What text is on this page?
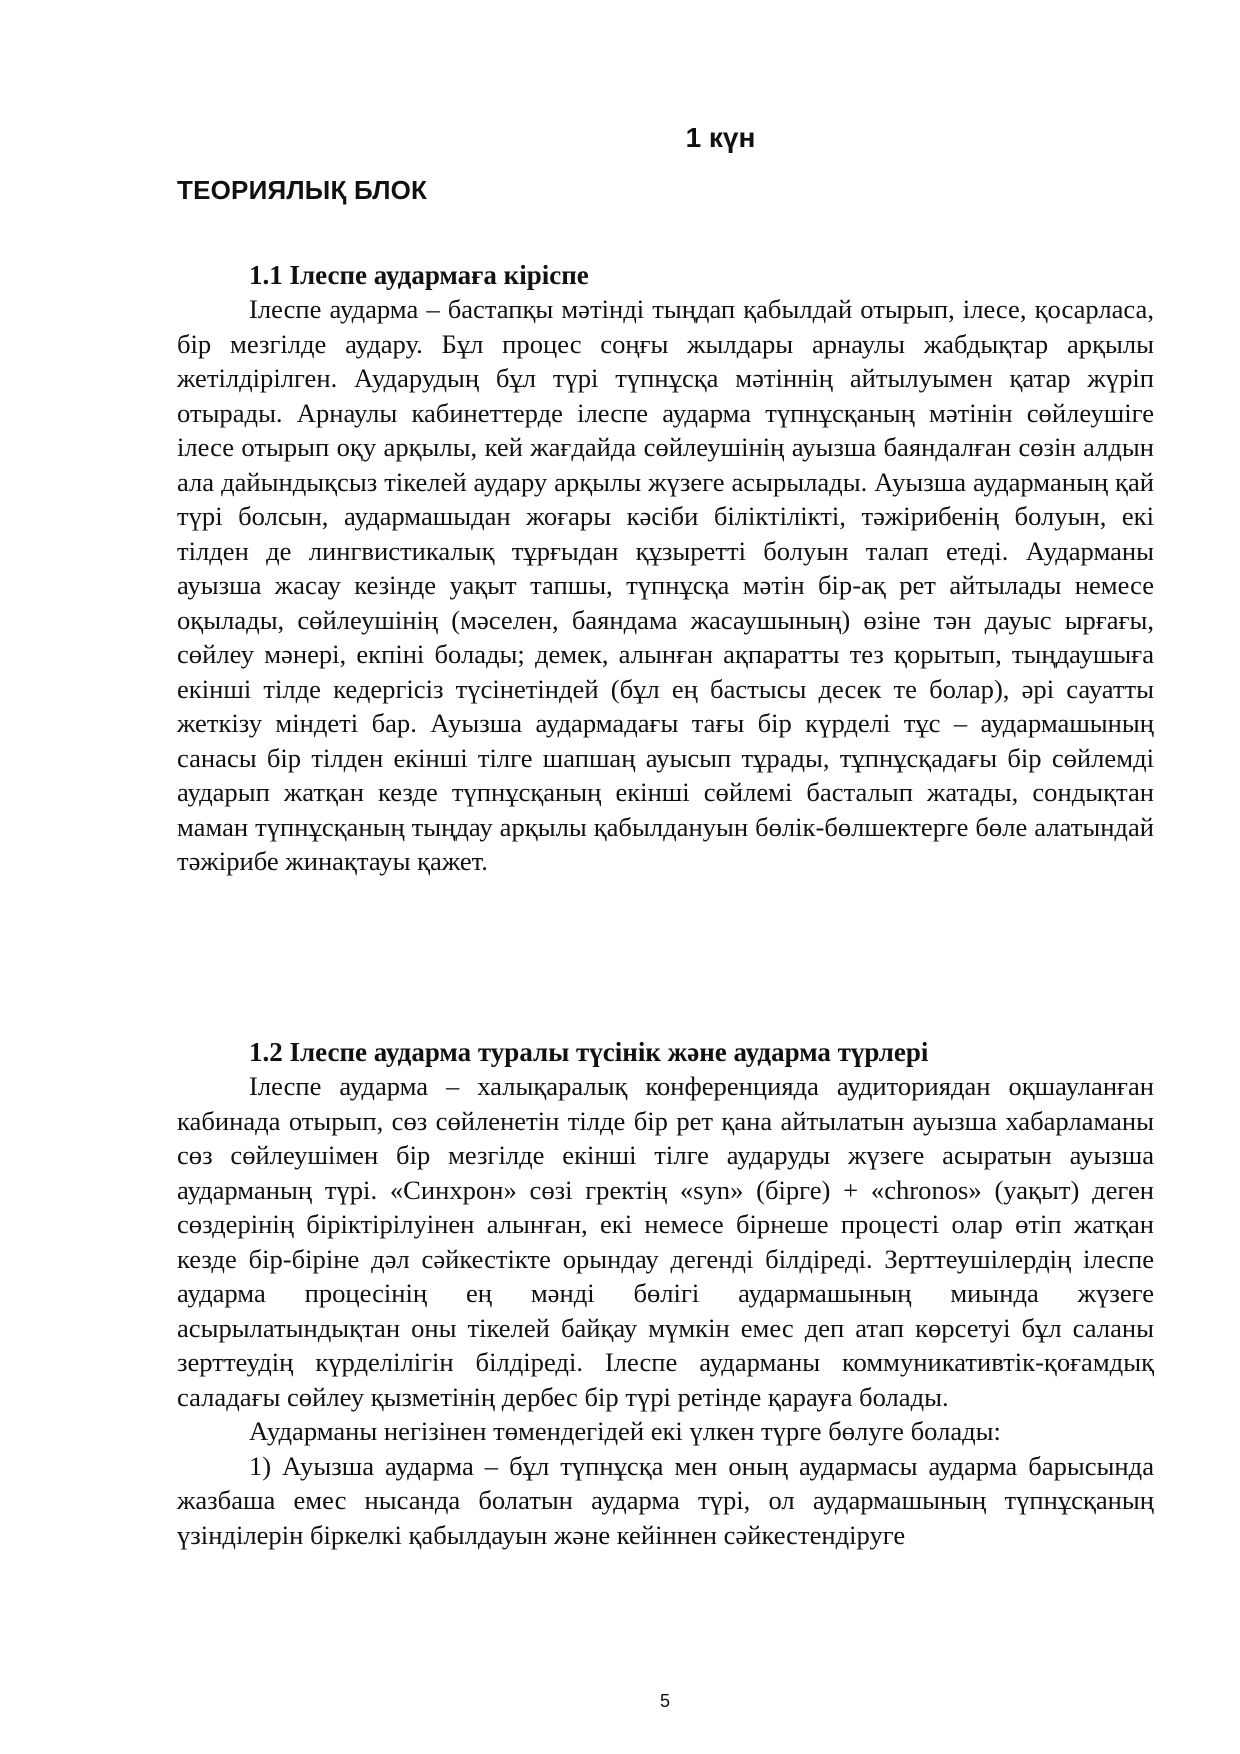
1 күн
ТЕОРИЯЛЫҚ БЛОК

1.1 Ілеспе аудармаға кіріспе

Ілеспе аударма – бастапқы мәтінді тыңдап қабылдай отырып, ілесе, қосарласа, бір мезгілде аудару. Бұл процес соңғы жылдары арнаулы жабдықтар арқылы жетілдірілген. Аударудың бұл түрі түпнұсқа мәтіннің айтылуымен қатар жүріп отырады. Арнаулы кабинеттерде ілеспе аударма түпнұсқаның мәтінін сөйлеушіге ілесе отырып оқу арқылы, кей жағдайда сөйлеушінің ауызша баяндалған сөзін алдын ала дайындықсыз тікелей аудару арқылы жүзеге асырылады. Ауызша аударманың қай түрі болсын, аудармашыдан жоғары кәсіби біліктілікті, тәжірибенің болуын, екі тілден де лингвистикалық тұрғыдан құзыретті болуын талап етеді. Аударманы ауызша жасау кезінде уақыт тапшы, түпнұсқа мәтін бір-ақ рет айтылады немесе оқылады, сөйлеушінің (мәселен, баяндама жасаушының) өзіне тән дауыс ырғағы, сөйлеу мәнері, екпіні болады; демек, алынған ақпаратты тез қорытып, тыңдаушыға екінші тілде кедергісіз түсінетіндей (бұл ең бастысы десек те болар), әрі сауатты жеткізу міндеті бар. Ауызша аудармадағы тағы бір күрделі тұс – аудармашының санасы бір тілден екінші тілге шапшаң ауысып тұрады, тұпнұсқадағы бір сөйлемді аударып жатқан кезде түпнұсқаның екінші сөйлемі басталып жатады, сондықтан маман түпнұсқаның тыңдау арқылы қабылдануын бөлік-бөлшектерге бөле алатындай тәжірибе жинақтауы қажет.

1.2 Ілеспе аударма туралы түсінік және аударма түрлері

Ілеспе аударма – халықаралық конференцияда аудиториядан оқшауланған кабинада отырып, сөз сөйленетін тілде бір рет қана айтылатын ауызша хабарламаны сөз сөйлеушімен бір мезгілде екінші тілге аударуды жүзеге асыратын ауызша аударманың түрі. «Синхрон» сөзі гректің «syn» (бірге) + «chronos» (уақыт) деген сөздерінің біріктірілуінен алынған, екі немесе бірнеше процесті олар өтіп жатқан кезде бір-біріне дәл сәйкестікте орындау дегенді білдіреді. Зерттеушілердің ілеспе аударма процесінің ең мәнді бөлігі аудармашының миында жүзеге асырылатындықтан оны тікелей байқау мүмкін емес деп атап көрсетуі бұл саланы зерттеудің күрделілігін білдіреді. Ілеспе аударманы коммуникативтік-қоғамдық саладағы сөйлеу қызметінің дербес бір түрі ретінде қарауға болады.

Аударманы негізінен төмендегідей екі үлкен түрге бөлуге болады:

1) Ауызша аударма – бұл түпнұсқа мен оның аудармасы аударма барысында жазбаша емес нысанда болатын аударма түрі, ол аудармашының түпнұсқаның үзінділерін біркелкі қабылдауын және кейіннен сәйкестендіруге

5
